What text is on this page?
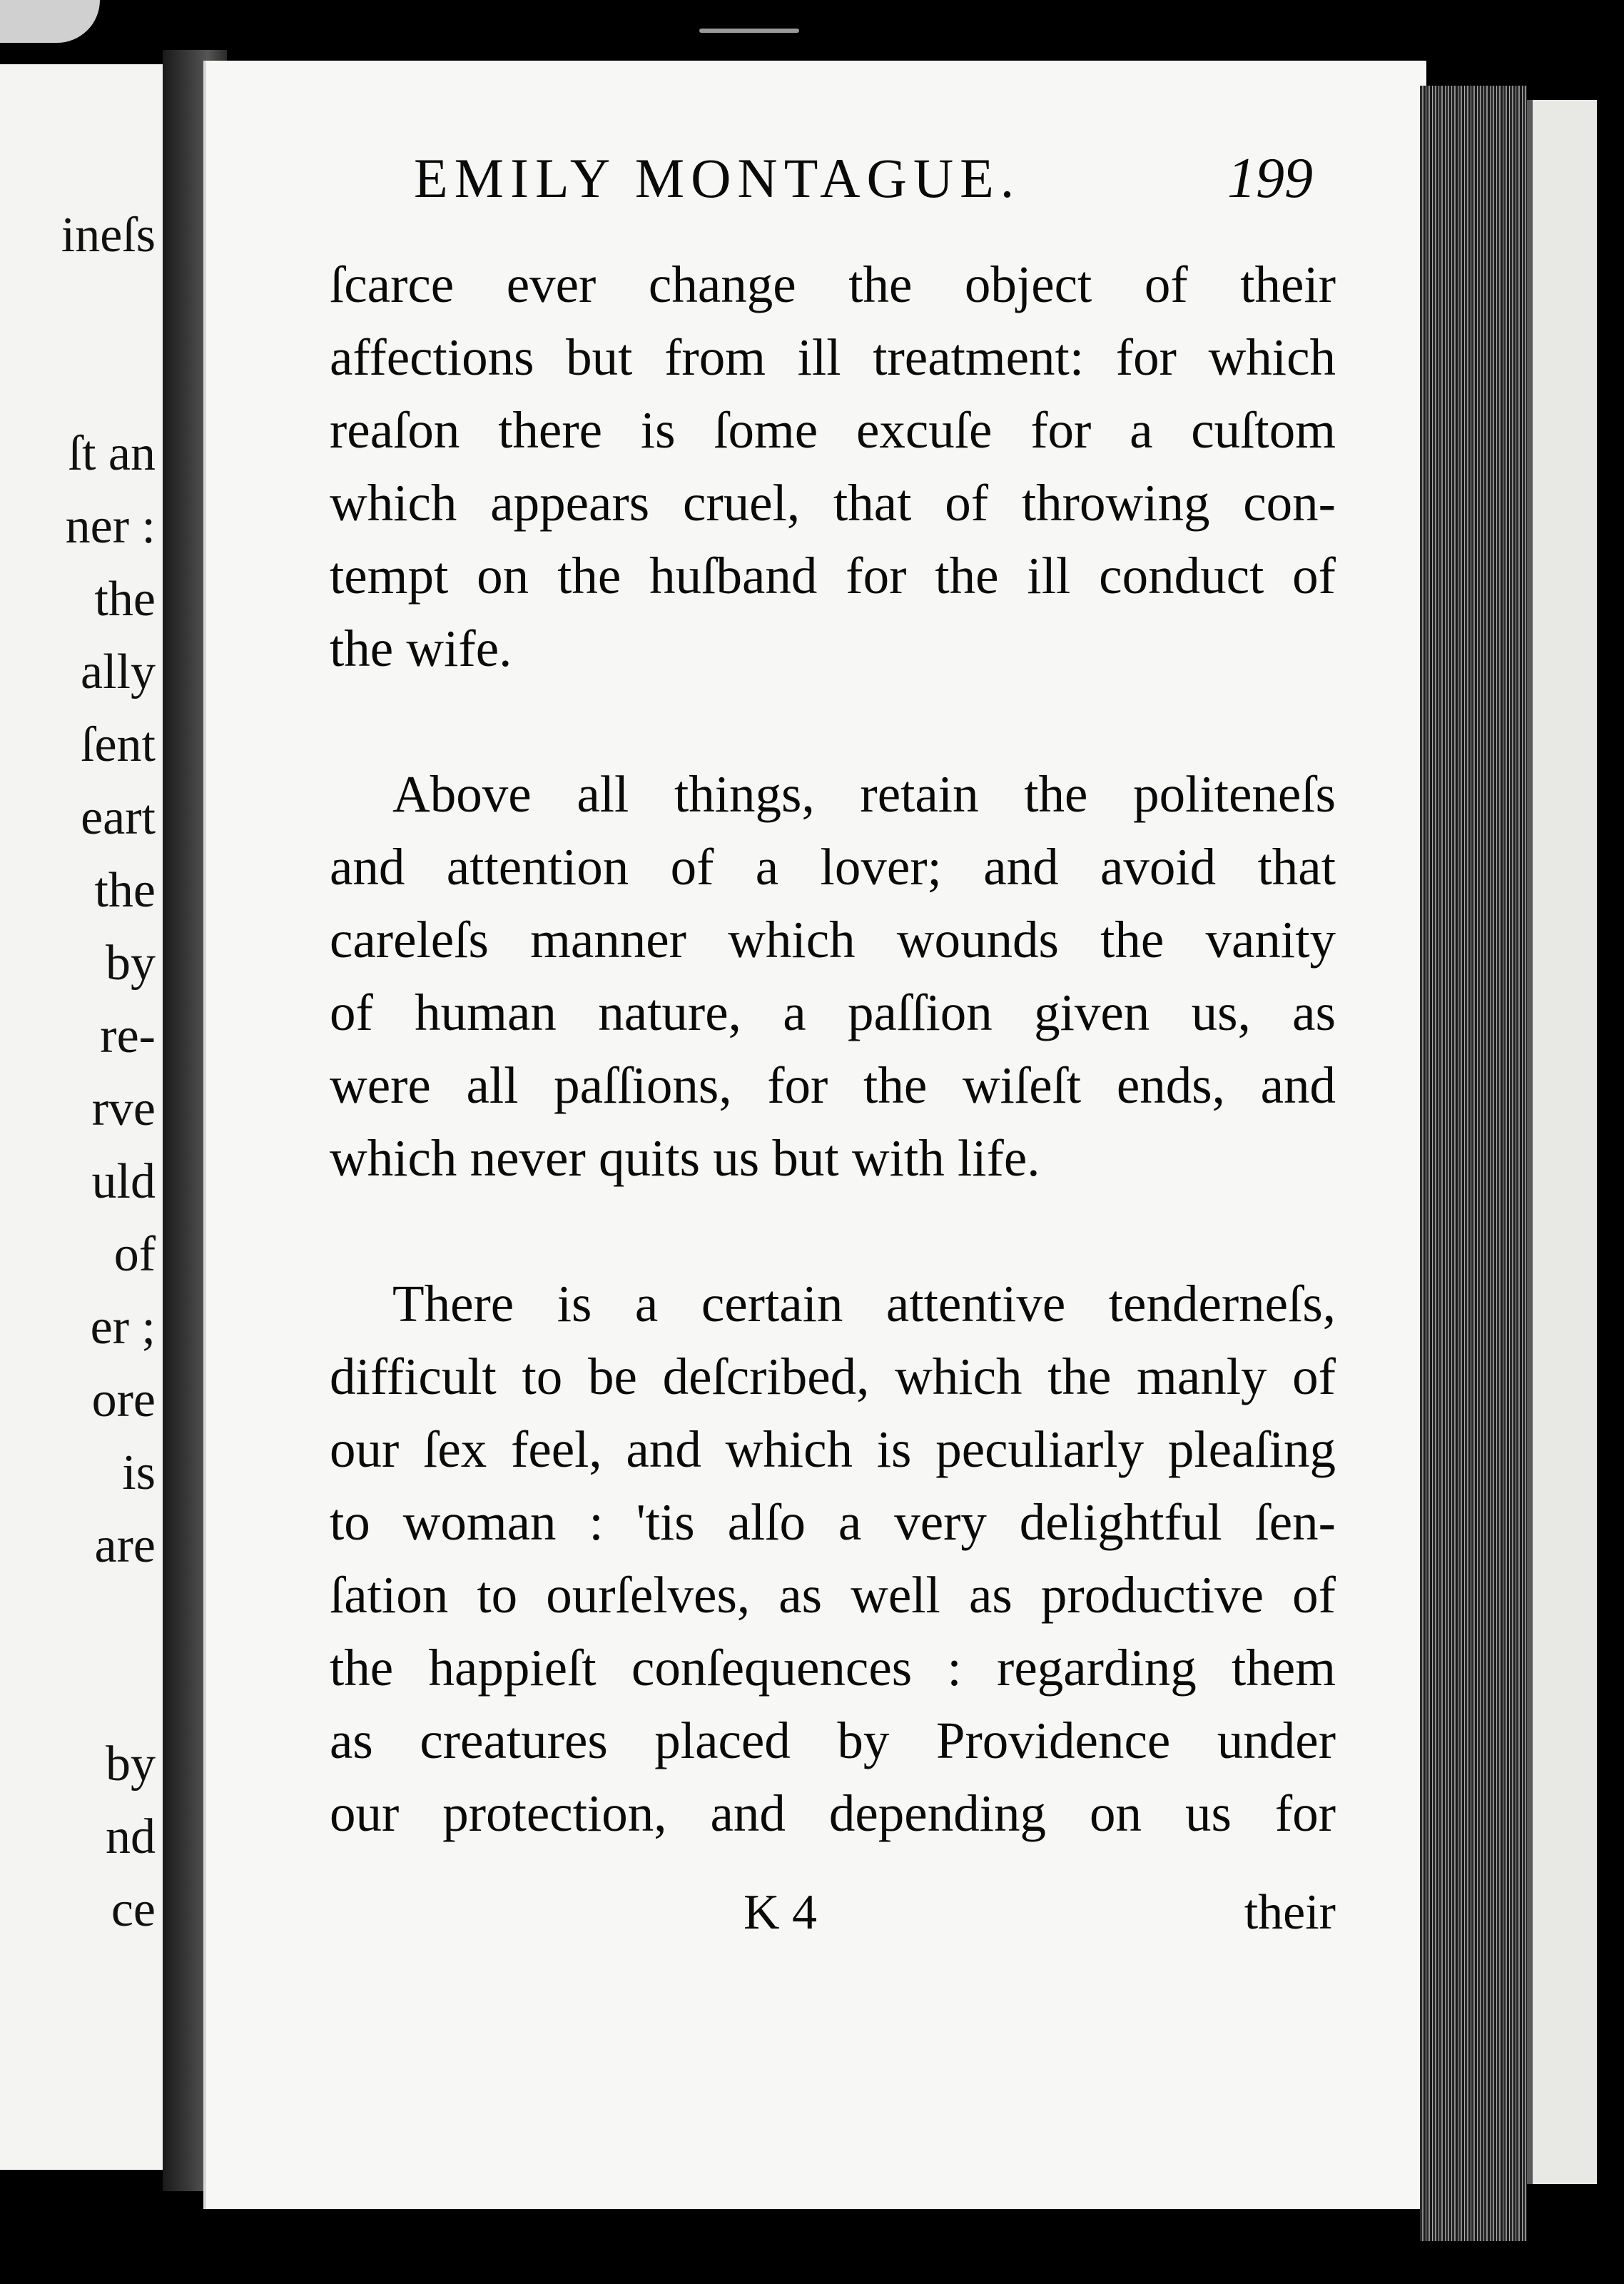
ineſs
ſt an
ner :
the
ally
ſent
eart
the
by
re-
rve
uld
of
er ;
ore
is
are
by
nd
ce
EMILY MONTAGUE.	199
ſcarce ever change the object of their
affections but from ill treatment: for which
reaſon there is ſome excuſe for a cuſtom
which appears cruel, that of throwing con-
tempt on the huſband for the ill conduct of
the wife.
Above all things, retain the politeneſs
and attention of a lover; and avoid that
careleſs manner which wounds the vanity
of human nature, a paſſion given us, as
were all paſſions, for the wiſeſt ends, and
which never quits us but with life.
There is a certain attentive tenderneſs,
difficult to be deſcribed, which the manly of
our ſex feel, and which is peculiarly pleaſing
to woman : 'tis alſo a very delightful ſen-
ſation to ourſelves, as well as productive of
the happieſt conſequences : regarding them
as creatures placed by Providence under
our protection, and depending on us for
K 4	their
